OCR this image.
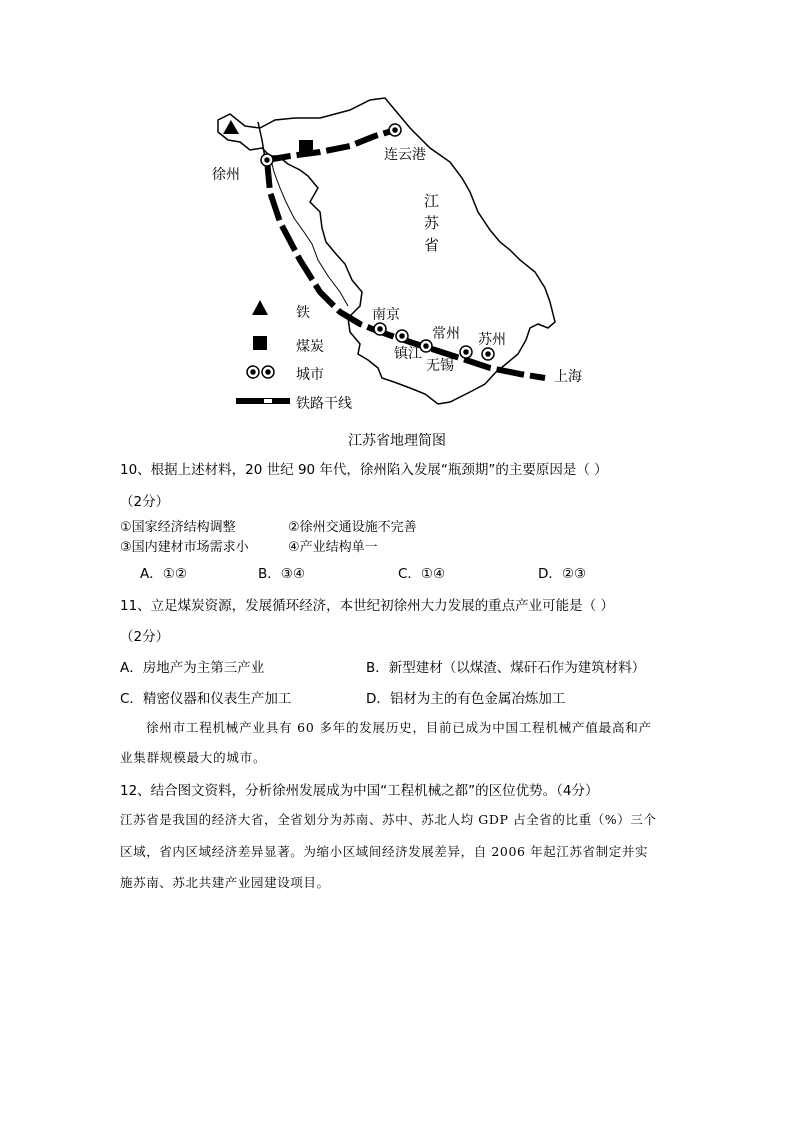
徐州
连云港
南京
常州 苏州
镇江
无锡
上海
江
苏
省
铁
煤炭
城市
铁路干线
江苏省地理简图
10、根据上述材料，20 世纪 90 年代，徐州陷入发展“瓶颈期”的主要原因是（ ）
（2分）
①国家经济结构调整	②徐州交通设施不完善
③国内建材市场需求小	④产业结构单一
A．①②	B．③④	C．①④	D．②③
11、立足煤炭资源，发展循环经济，本世纪初徐州大力发展的重点产业可能是（ ）
（2分）
A．房地产为主第三产业	B．新型建材（以煤渣、煤矸石作为建筑材料）
C．精密仪器和仪表生产加工	D．铝材为主的有色金属冶炼加工
徐州市工程机械产业具有 60 多年的发展历史，目前已成为中国工程机械产值最高和产
业集群规模最大的城市。
12、结合图文资料，分析徐州发展成为中国“工程机械之都”的区位优势。（4分）
江苏省是我国的经济大省，全省划分为苏南、苏中、苏北人均 GDP 占全省的比重（%）三个
区域，省内区域经济差异显著。为缩小区域间经济发展差异，自 2006 年起江苏省制定并实
施苏南、苏北共建产业园建设项目。
